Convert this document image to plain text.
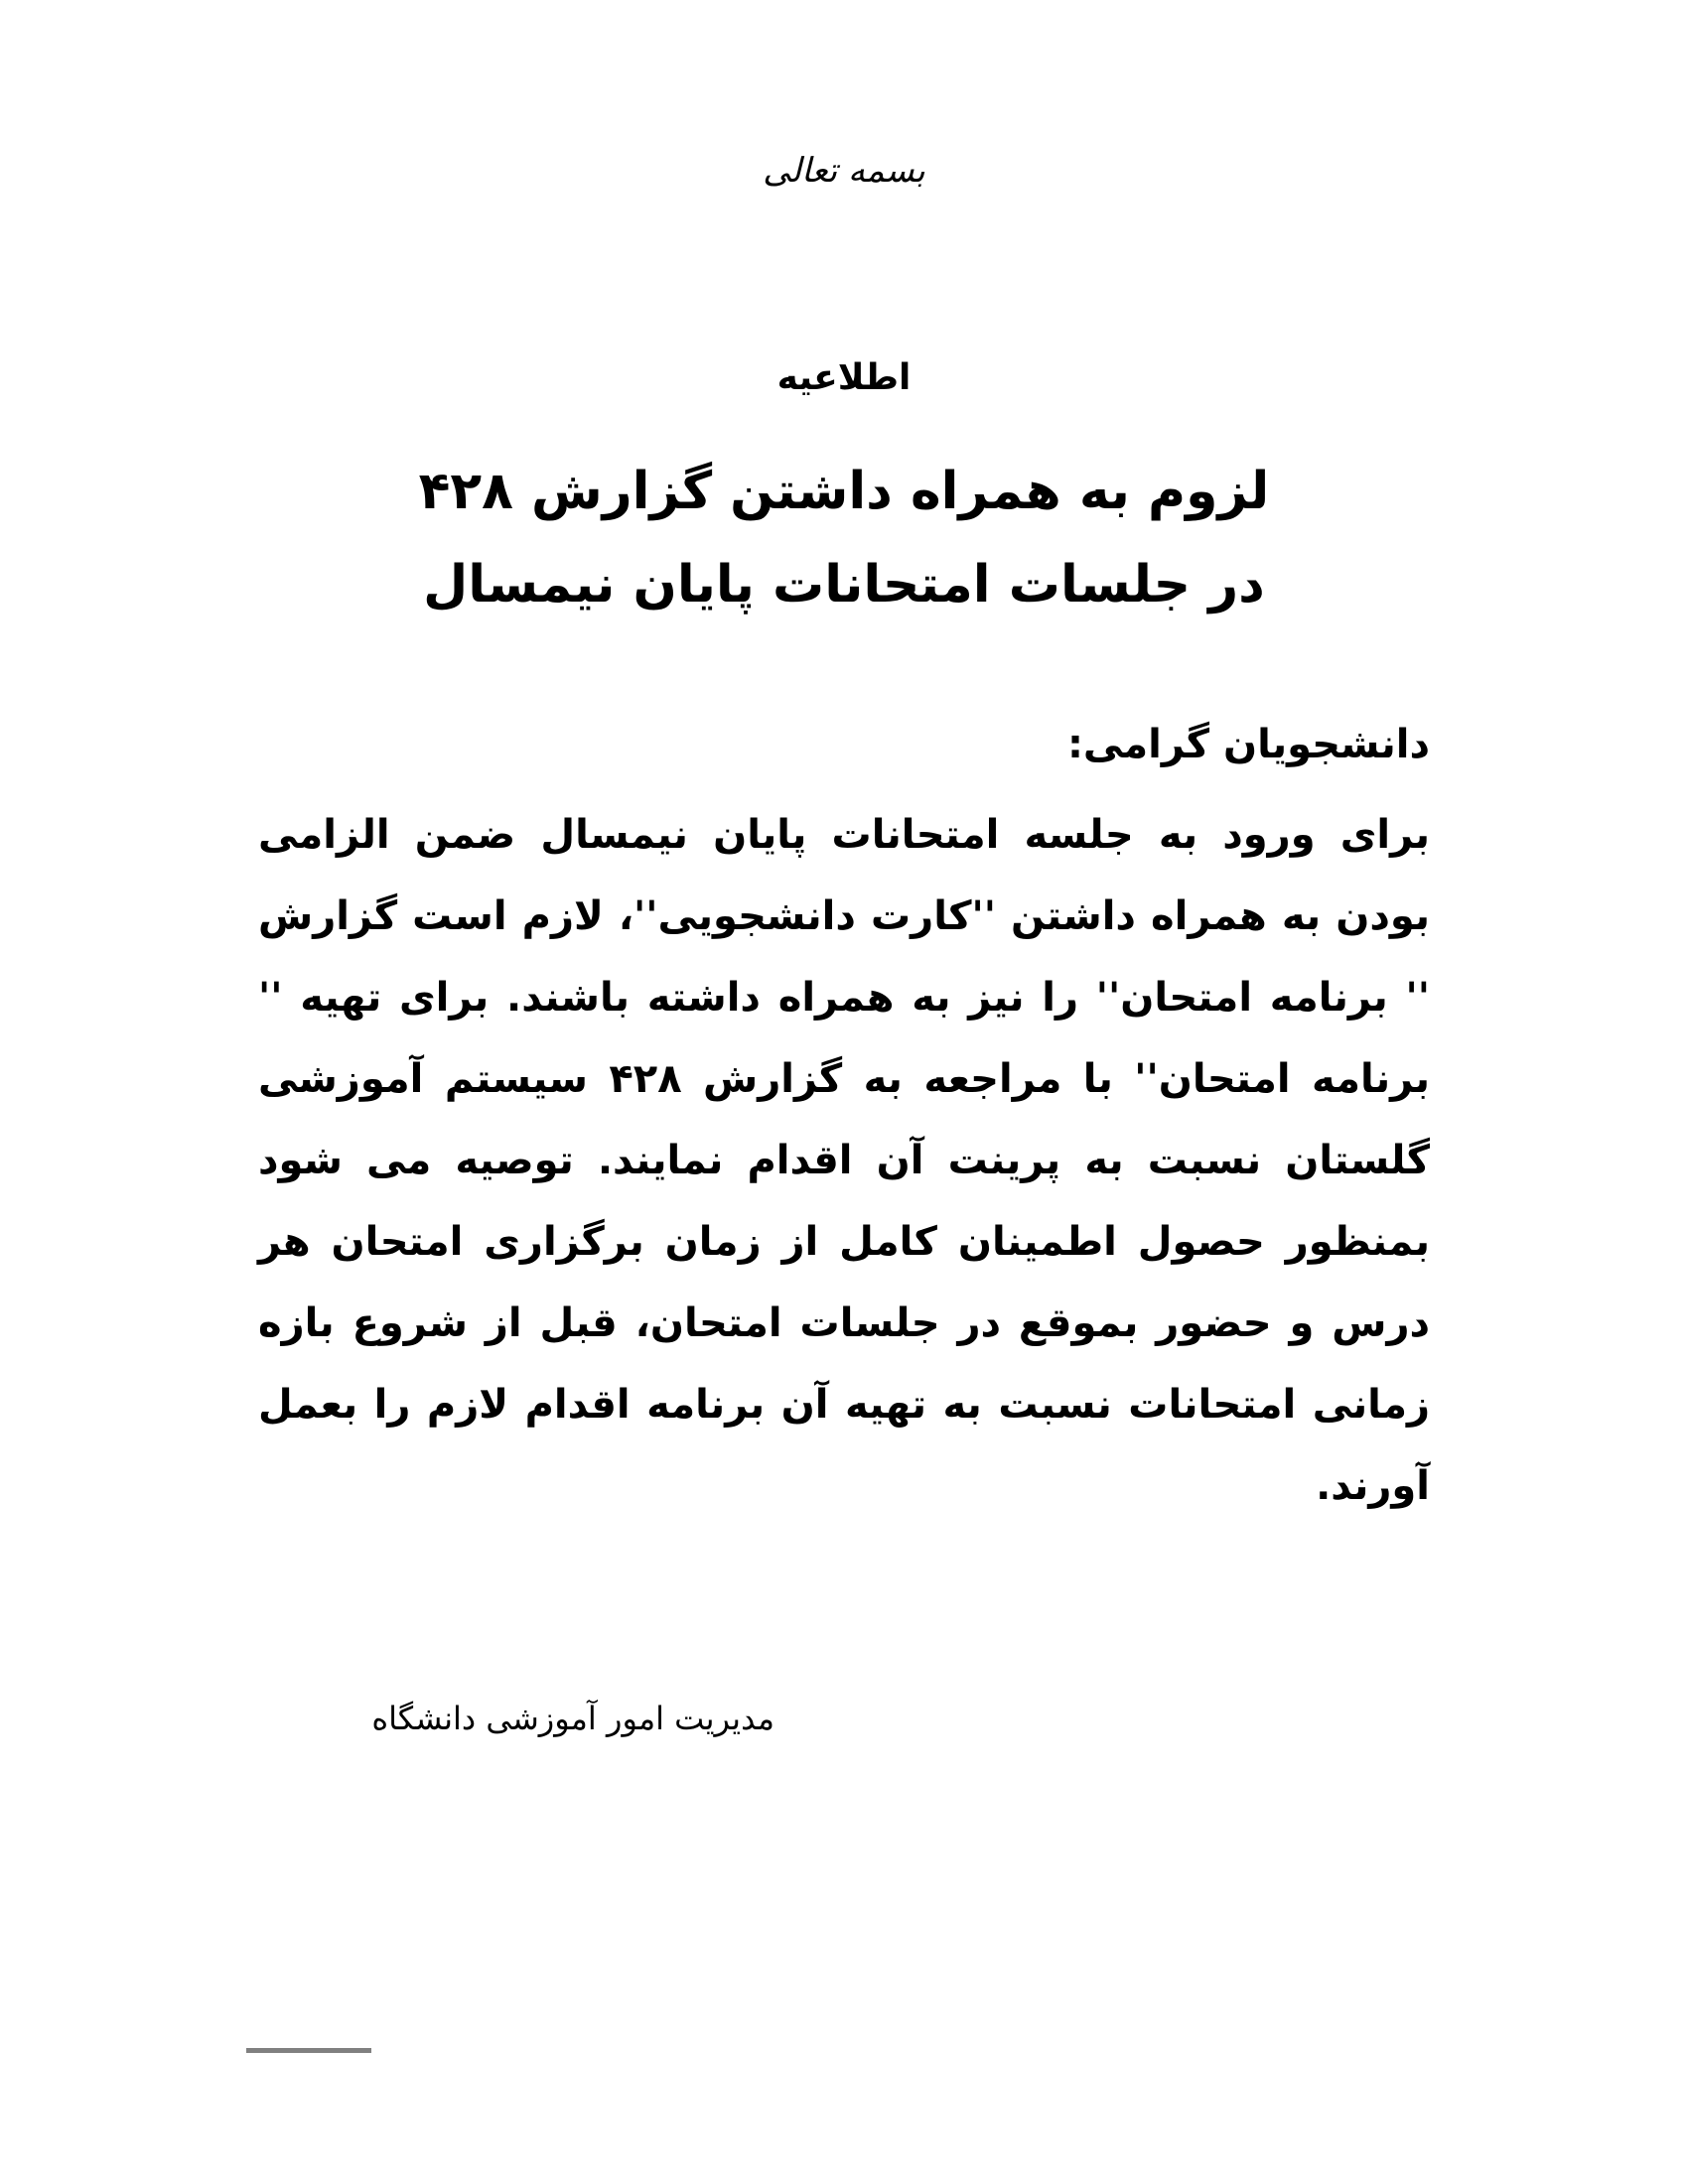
بسمه تعالی
اطلاعیه
لزوم به همراه داشتن گزارش ۴۲۸
در جلسات امتحانات پایان نیمسال
دانشجویان گرامی:
برای ورود به جلسه امتحانات پایان نیمسال ضمن الزامی بودن به همراه داشتن ''کارت دانشجویی''، لازم است گزارش '' برنامه امتحان'' را نیز به همراه داشته باشند. برای تهیه '' برنامه امتحان'' با مراجعه به گزارش ۴۲۸ سیستم آموزشی گلستان نسبت به پرینت آن اقدام نمایند. توصیه می شود بمنظور حصول اطمینان کامل از زمان برگزاری امتحان هر درس و حضور بموقع در جلسات امتحان، قبل از شروع بازه زمانی امتحانات نسبت به تهیه آن برنامه اقدام لازم را بعمل آورند.
مدیریت امور آموزشی دانشگاه
